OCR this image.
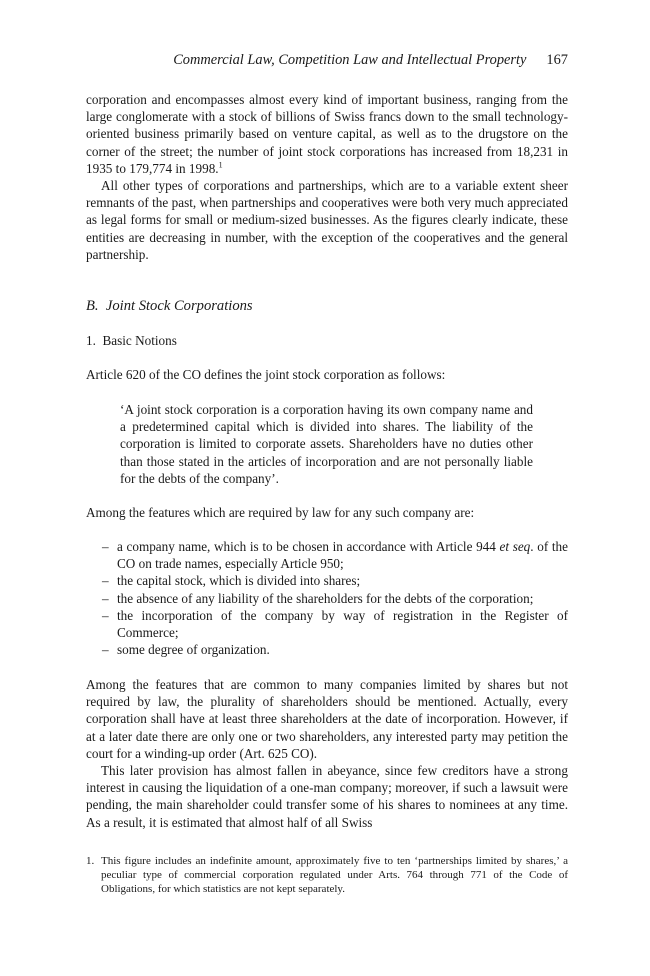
Commercial Law, Competition Law and Intellectual Property 167

corporation and encompasses almost every kind of important business, ranging from the large conglomerate with a stock of billions of Swiss francs down to the small technology-oriented business primarily based on venture capital, as well as to the drugstore on the corner of the street; the number of joint stock corporations has increased from 18,231 in 1935 to 179,774 in 1998.$^1$

All other types of corporations and partnerships, which are to a variable extent sheer remnants of the past, when partnerships and cooperatives were both very much appreciated as legal forms for small or medium-sized businesses. As the figures clearly indicate, these entities are decreasing in number, with the exception of the cooperatives and the general partnership.

B. Joint Stock Corporations
1. Basic Notions
Article 620 of the CO defines the joint stock corporation as follows:
‘A joint stock corporation is a corporation having its own company name and a predetermined capital which is divided into shares. The liability of the corporation is limited to corporate assets. Shareholders have no duties other than those stated in the articles of incorporation and are not personally liable for the debts of the company’.
Among the features which are required by law for any such company are:
– a company name, which is to be chosen in accordance with Article 944 et seq. of the CO on trade names, especially Article 950;
– the capital stock, which is divided into shares;
– the absence of any liability of the shareholders for the debts of the corporation;
– the incorporation of the company by way of registration in the Register of Commerce;
– some degree of organization.

Among the features that are common to many companies limited by shares but not required by law, the plurality of shareholders should be mentioned. Actually, every corporation shall have at least three shareholders at the date of incorporation. However, if at a later date there are only one or two shareholders, any interested party may petition the court for a winding-up order (Art. 625 CO).

This later provision has almost fallen in abeyance, since few creditors have a strong interest in causing the liquidation of a one-man company; moreover, if such a lawsuit were pending, the main shareholder could transfer some of his shares to nominees at any time. As a result, it is estimated that almost half of all Swiss

1. This figure includes an indefinite amount, approximately five to ten ‘partnerships limited by shares,’ a peculiar type of commercial corporation regulated under Arts. 764 through 771 of the Code of Obligations, for which statistics are not kept separately.
